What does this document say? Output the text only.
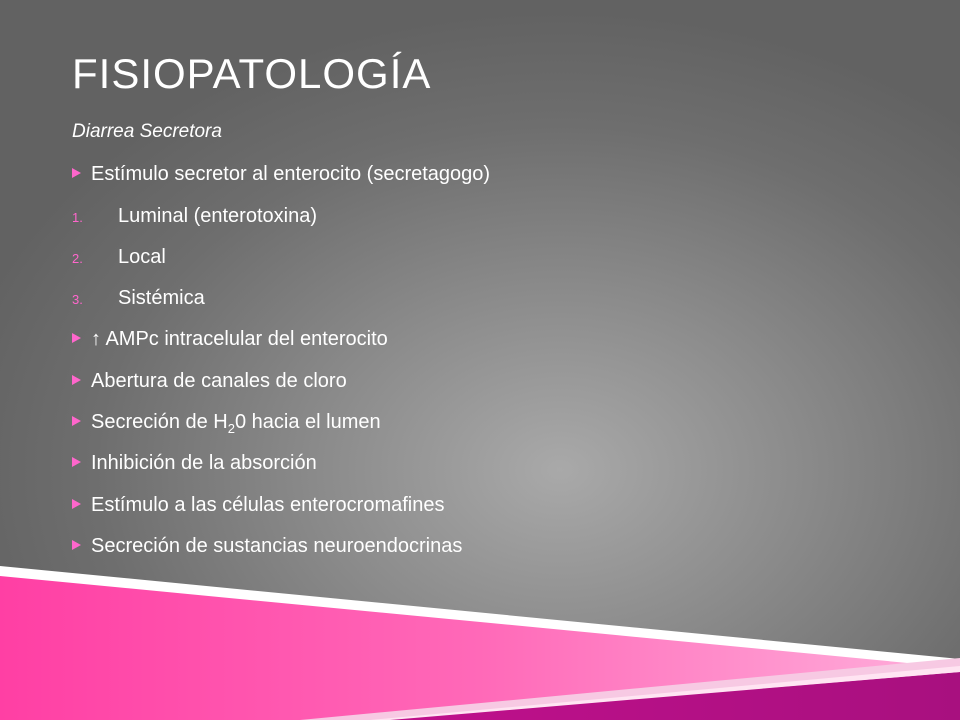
FISIOPATOLOGÍA
Diarrea Secretora
Estímulo secretor al enterocito (secretagogo)
1. Luminal (enterotoxina)
2. Local
3. Sistémica
↑ AMPc intracelular del enterocito
Abertura de canales de cloro
Secreción de $H_20$ hacia el lumen
Inhibición de la absorción
Estímulo a las células enterocromafines
Secreción de sustancias neuroendocrinas
